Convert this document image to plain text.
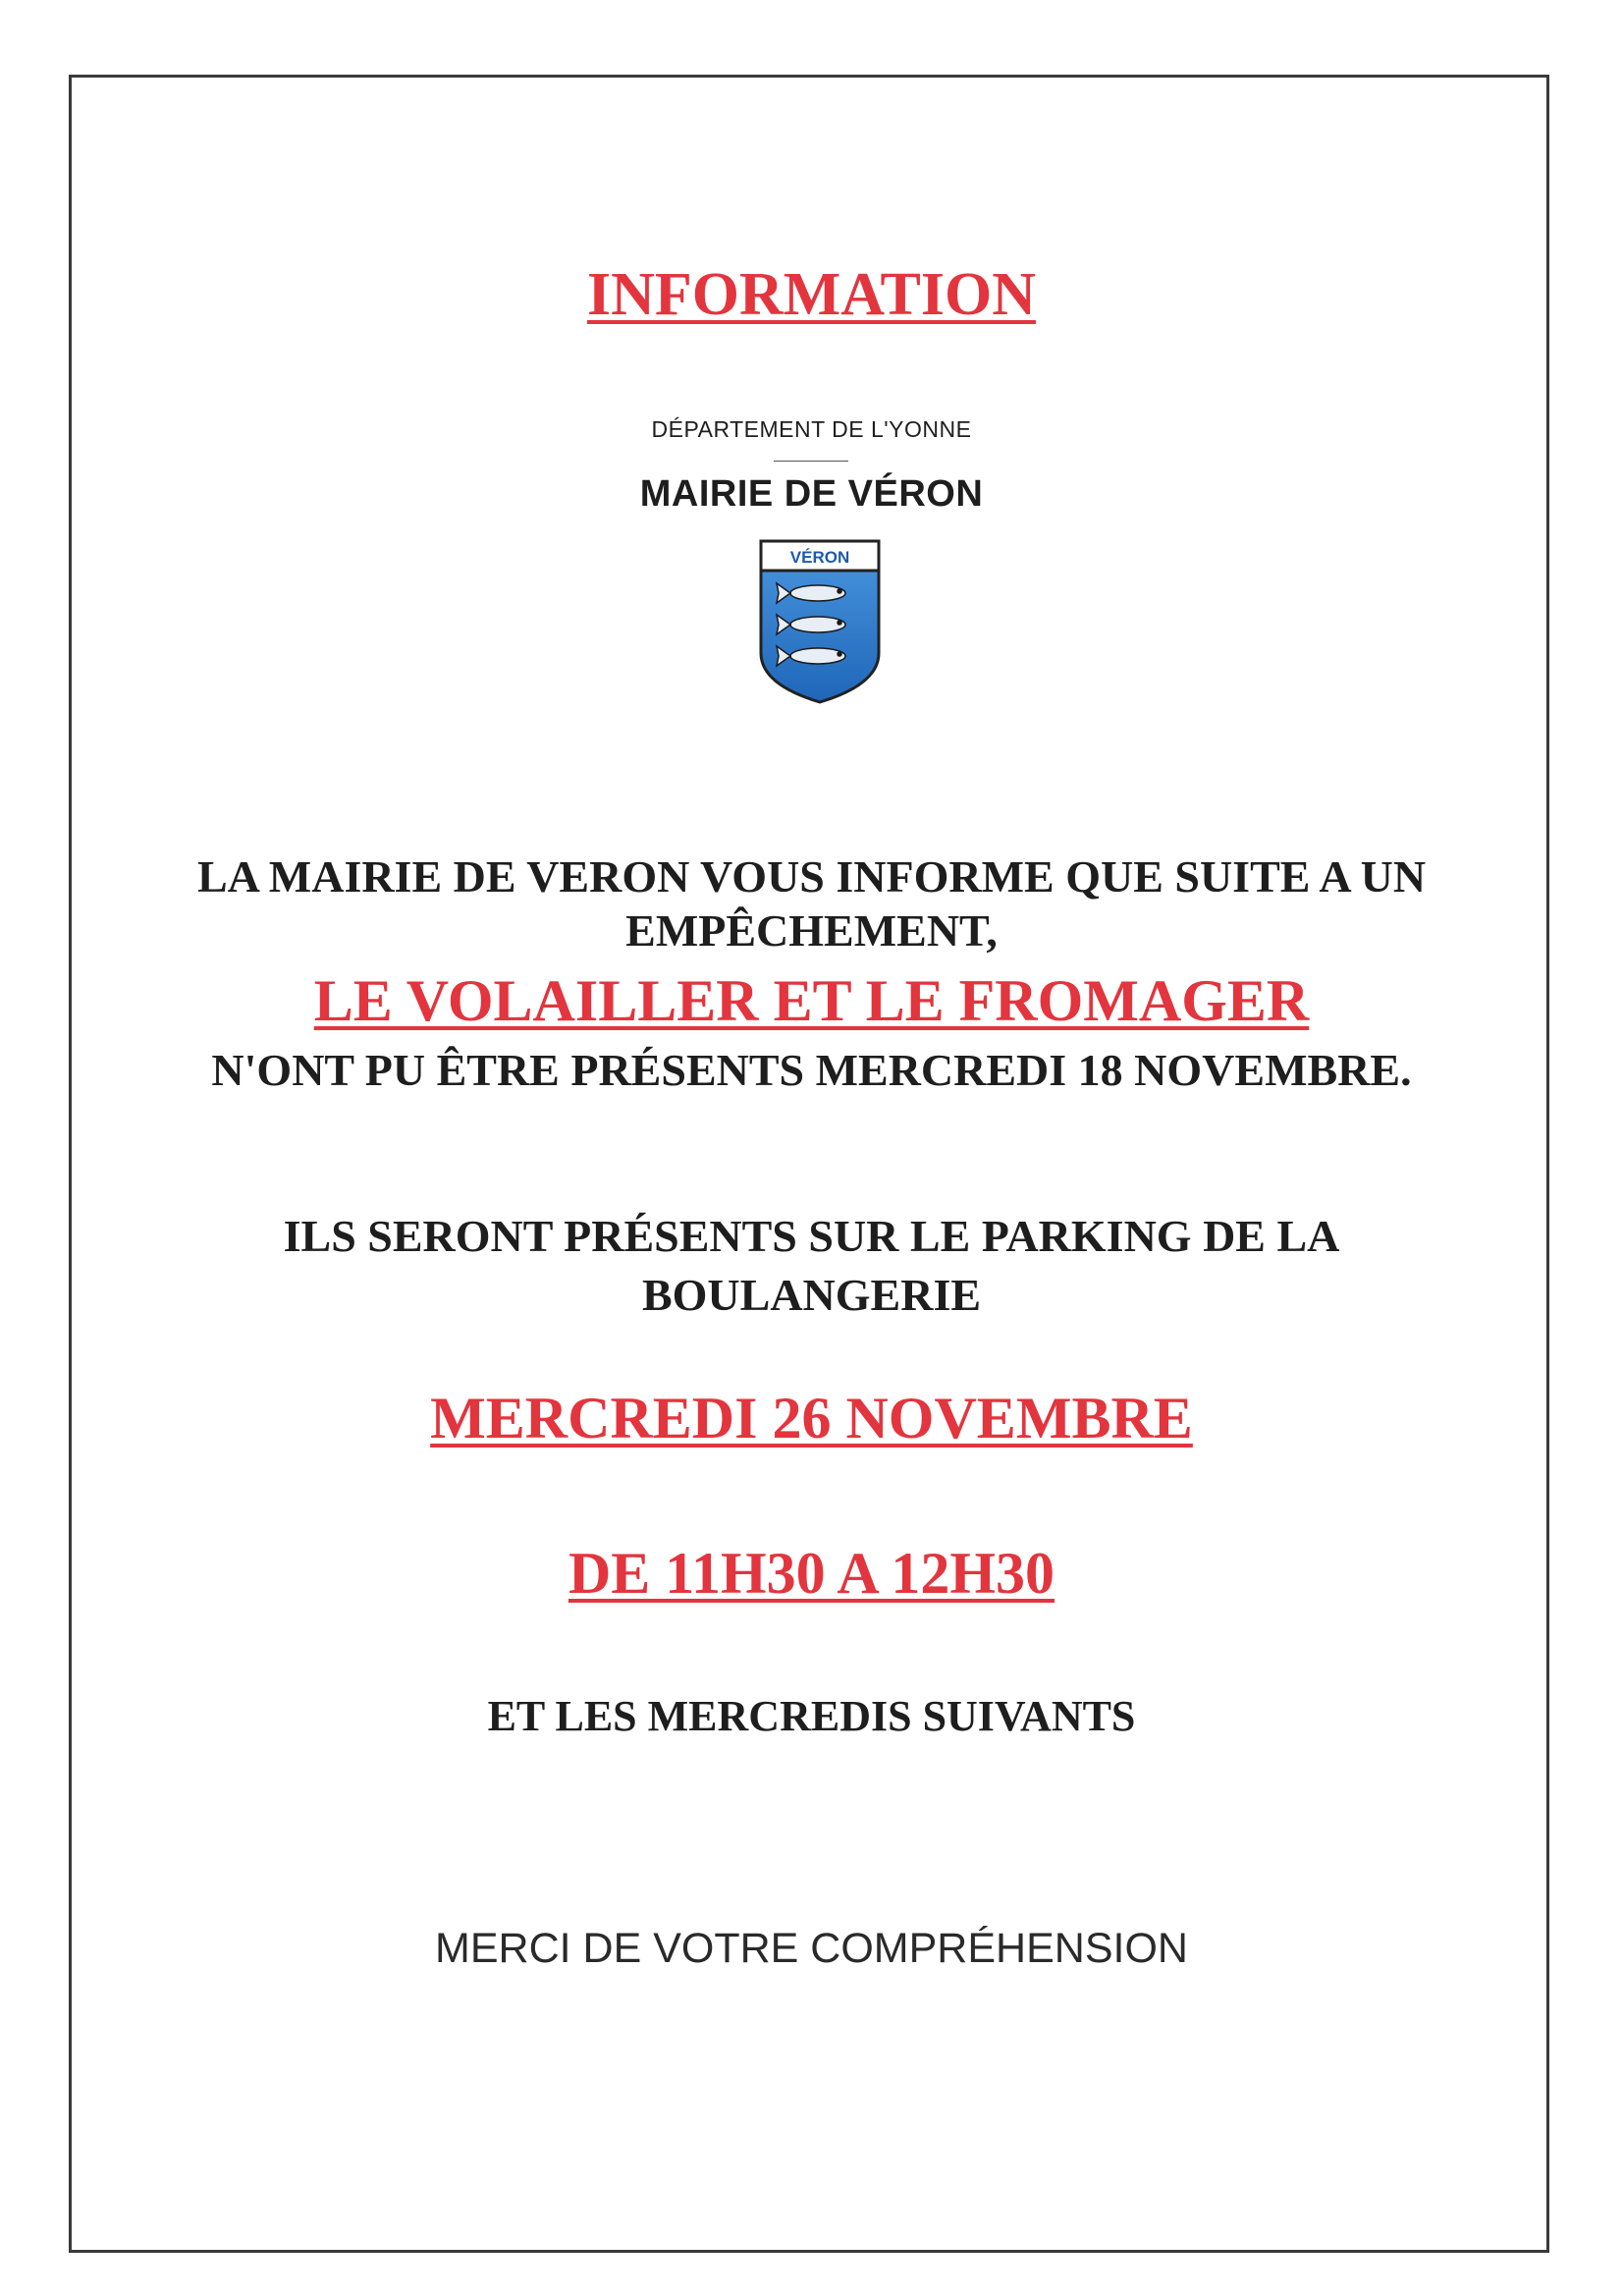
INFORMATION
DÉPARTEMENT DE L'YONNE
MAIRIE DE VÉRON
VÉRON
LA MAIRIE DE VERON VOUS INFORME QUE SUITE A UN
EMPÊCHEMENT,
LE VOLAILLER ET LE FROMAGER
N'ONT PU ÊTRE PRÉSENTS MERCREDI 18 NOVEMBRE.
ILS SERONT PRÉSENTS SUR LE PARKING DE LA
BOULANGERIE
MERCREDI 26 NOVEMBRE
DE 11H30 A 12H30
ET LES MERCREDIS SUIVANTS
MERCI DE VOTRE COMPRÉHENSION
